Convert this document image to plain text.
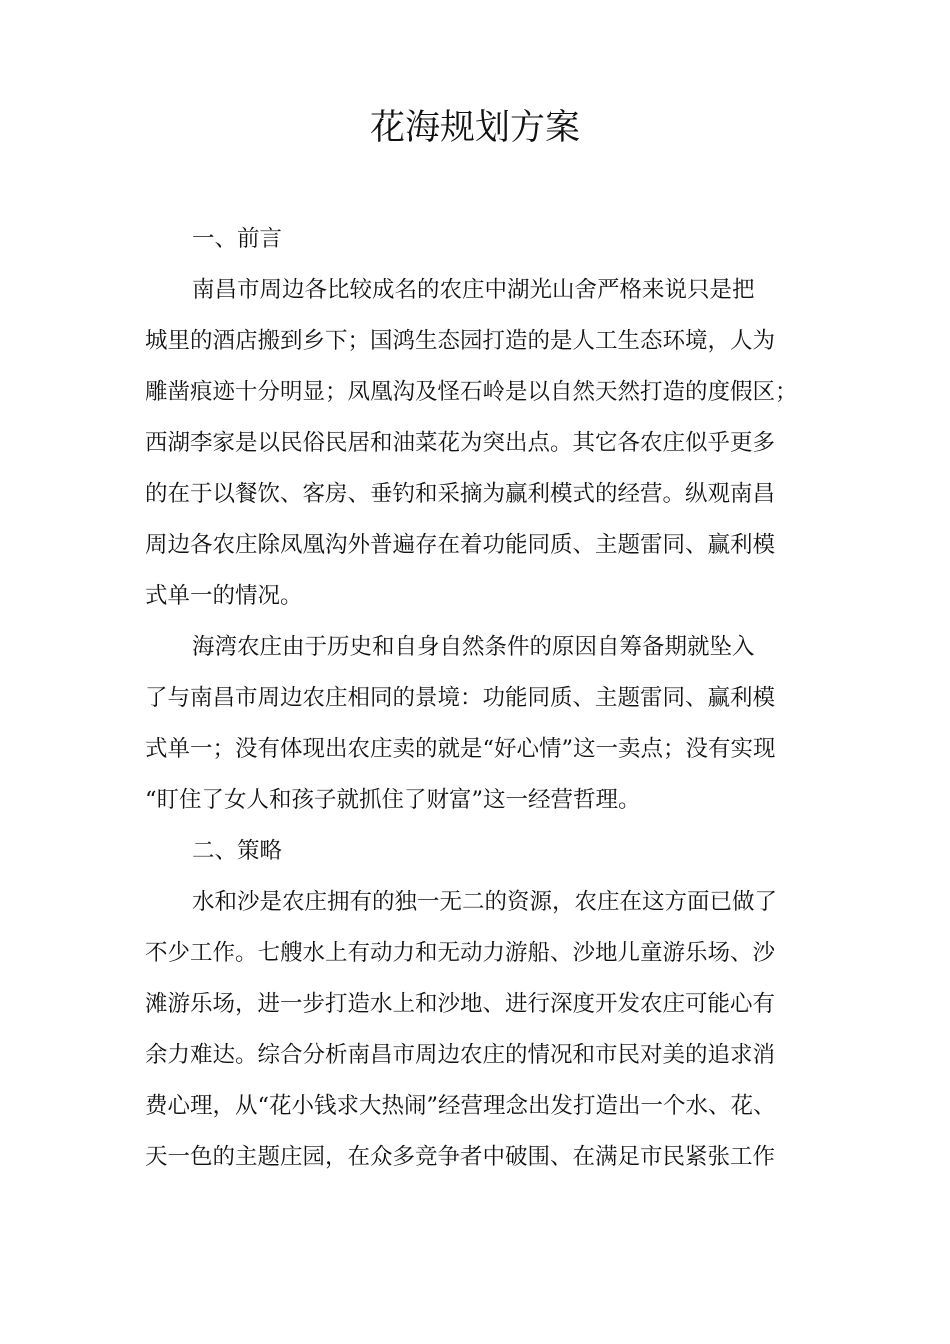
花海规划方案

一、前言

南昌市周边各比较成名的农庄中湖光山舍严格来说只是把

城里的酒店搬到乡下；国鸿生态园打造的是人工生态环境，人为

雕凿痕迹十分明显；凤凰沟及怪石岭是以自然天然打造的度假区；

西湖李家是以民俗民居和油菜花为突出点。其它各农庄似乎更多

的在于以餐饮、客房、垂钓和采摘为赢利模式的经营。纵观南昌

周边各农庄除凤凰沟外普遍存在着功能同质、主题雷同、赢利模

式单一的情况。

海湾农庄由于历史和自身自然条件的原因自筹备期就坠入

了与南昌市周边农庄相同的景境：功能同质、主题雷同、赢利模

式单一；没有体现出农庄卖的就是“好心情”这一卖点；没有实现

“盯住了女人和孩子就抓住了财富”这一经营哲理。

二、策略

水和沙是农庄拥有的独一无二的资源，农庄在这方面已做了

不少工作。七艘水上有动力和无动力游船、沙地儿童游乐场、沙

滩游乐场，进一步打造水上和沙地、进行深度开发农庄可能心有

余力难达。综合分析南昌市周边农庄的情况和市民对美的追求消

费心理，从“花小钱求大热闹”经营理念出发打造出一个水、花、

天一色的主题庄园，在众多竞争者中破围、在满足市民紧张工作
